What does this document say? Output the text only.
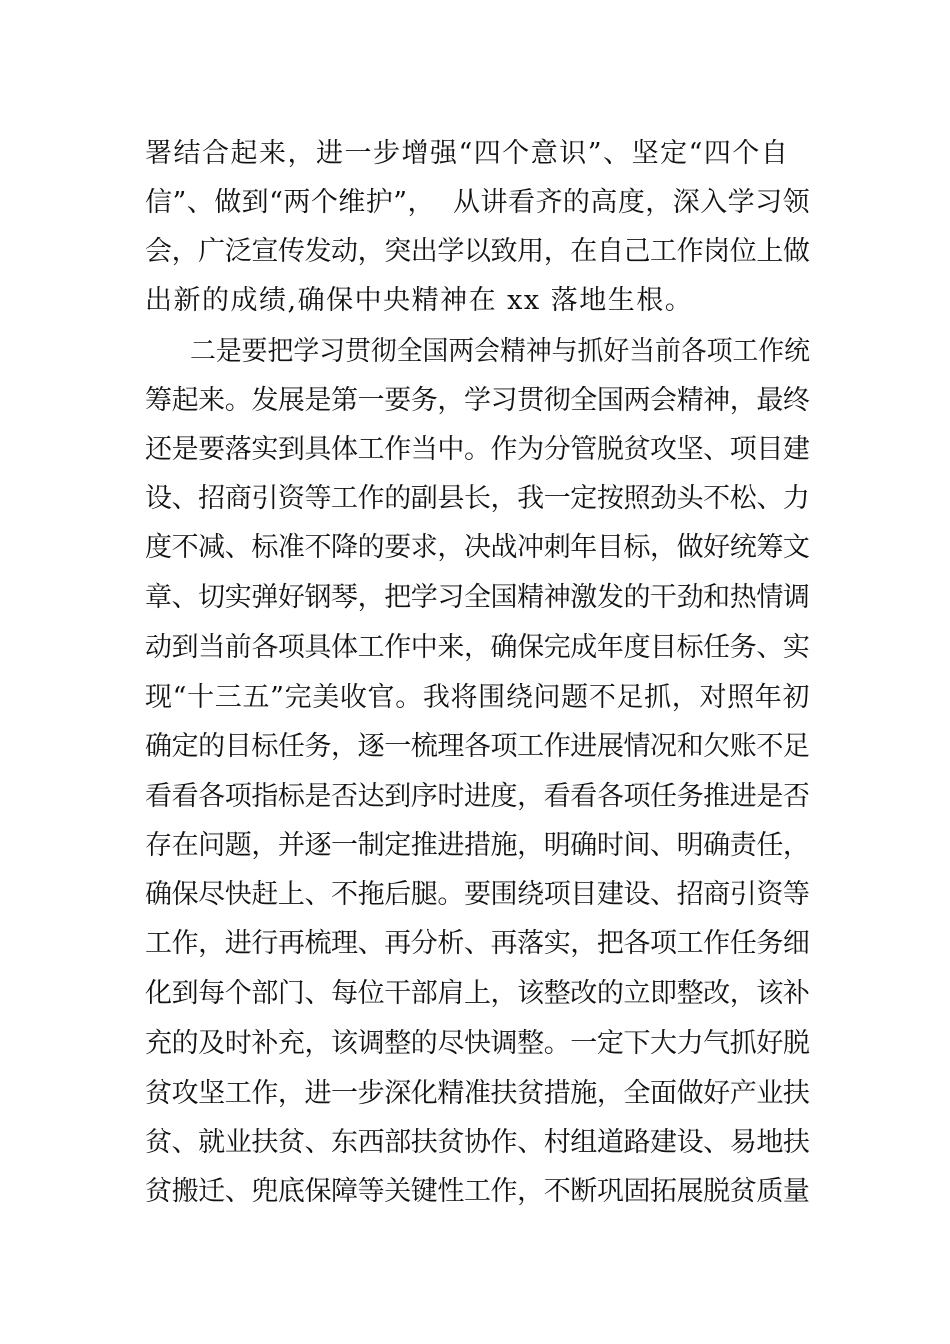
署结合起来，进一步增强“四个意识”、坚定“四个自
信”、做到“两个维护”，  从讲看齐的高度，深入学习领
会，广泛宣传发动，突出学以致用，在自己工作岗位上做
出新的成绩,确保中央精神在 xx 落地生根。
二是要把学习贯彻全国两会精神与抓好当前各项工作统
筹起来。发展是第一要务，学习贯彻全国两会精神，最终
还是要落实到具体工作当中。作为分管脱贫攻坚、项目建
设、招商引资等工作的副县长，我一定按照劲头不松、力
度不减、标准不降的要求，决战冲刺年目标，做好统筹文
章、切实弹好钢琴，把学习全国精神激发的干劲和热情调
动到当前各项具体工作中来，确保完成年度目标任务、实
现“十三五”完美收官。我将围绕问题不足抓，对照年初
确定的目标任务，逐一梳理各项工作进展情况和欠账不足
看看各项指标是否达到序时进度，看看各项任务推进是否
存在问题，并逐一制定推进措施，明确时间、明确责任，
确保尽快赶上、不拖后腿。要围绕项目建设、招商引资等
工作，进行再梳理、再分析、再落实，把各项工作任务细
化到每个部门、每位干部肩上，该整改的立即整改，该补
充的及时补充，该调整的尽快调整。一定下大力气抓好脱
贫攻坚工作，进一步深化精准扶贫措施，全面做好产业扶
贫、就业扶贫、东西部扶贫协作、村组道路建设、易地扶
贫搬迁、兜底保障等关键性工作，不断巩固拓展脱贫质量
